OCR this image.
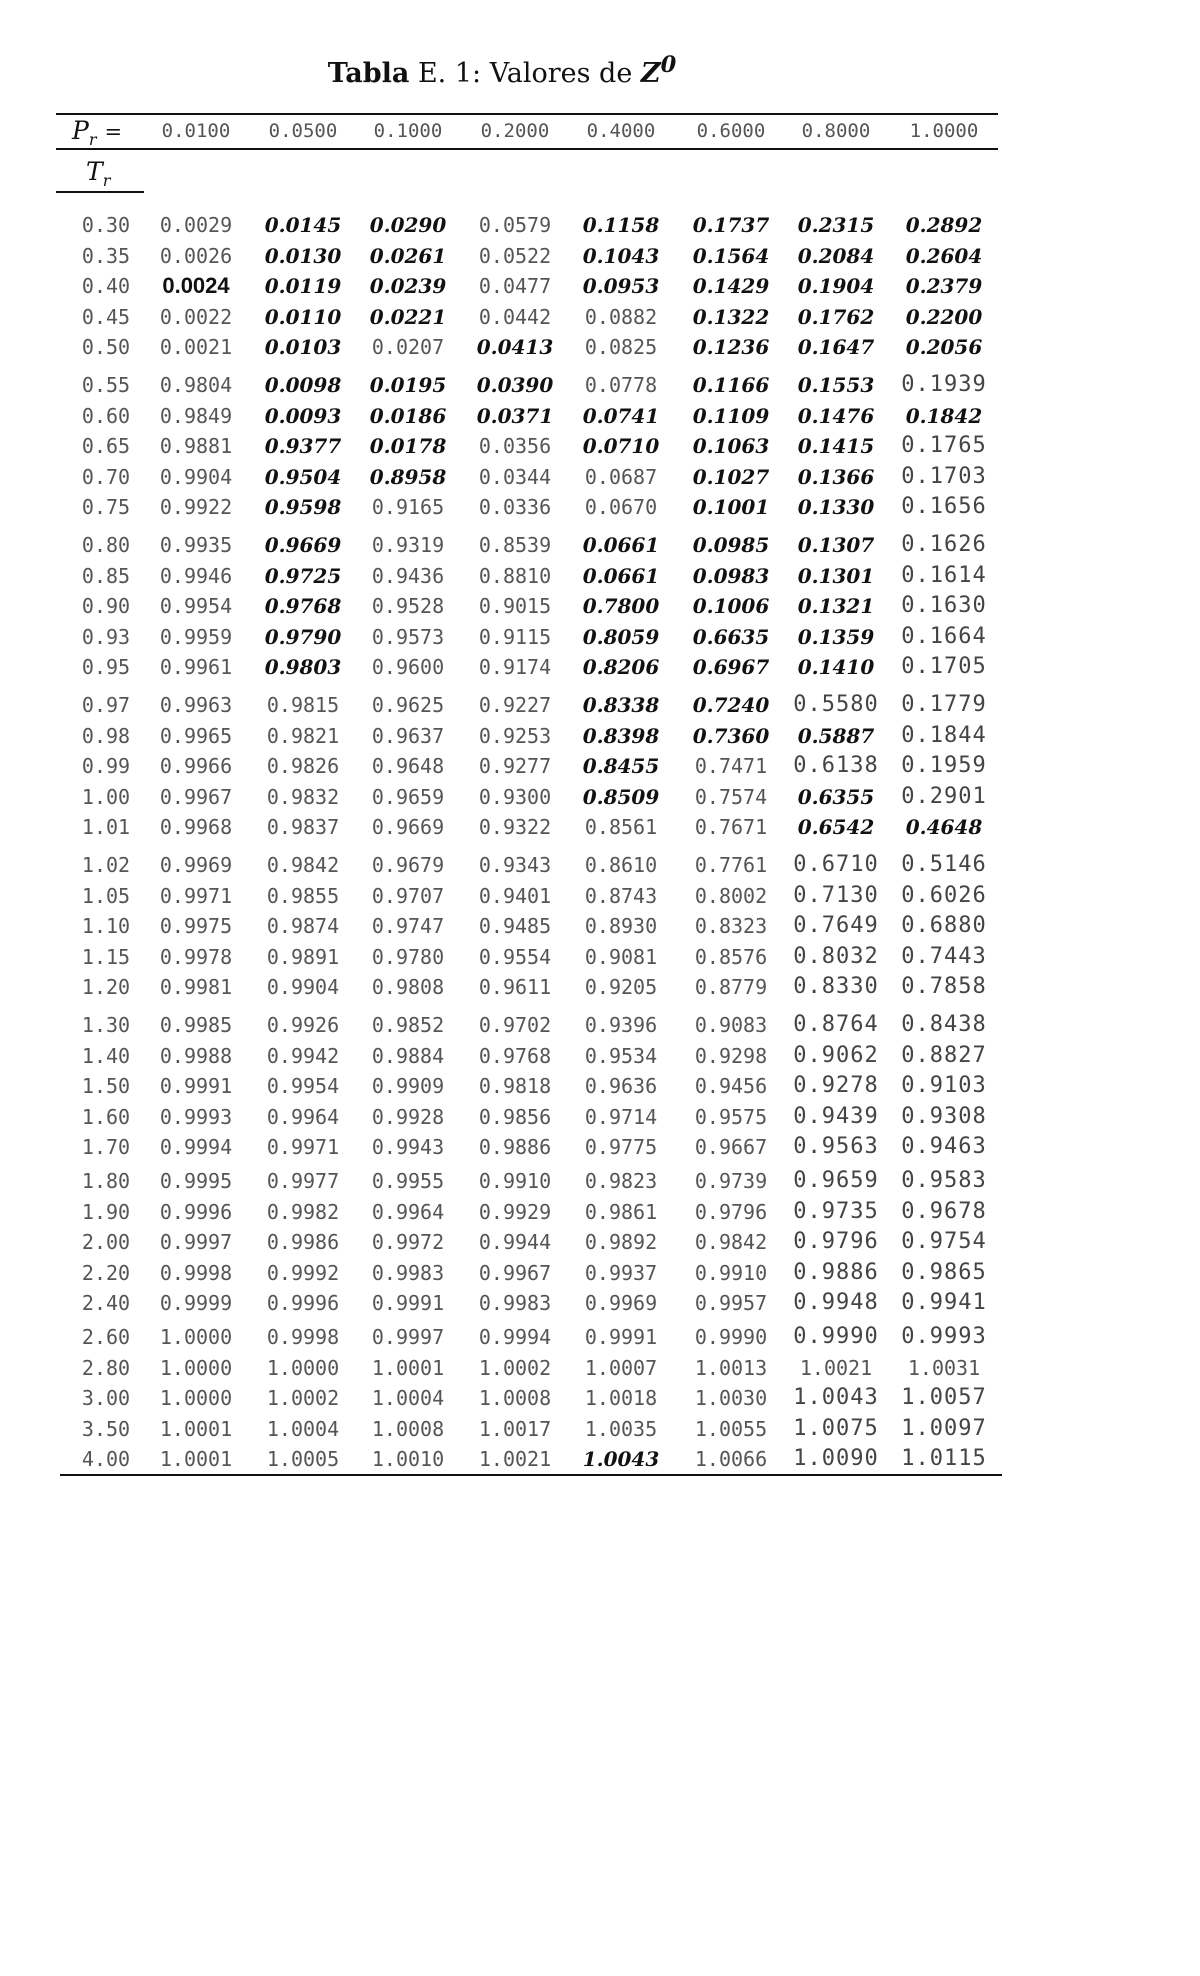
Tabla E. 1: Valores de $Z^0$
$P_r$ =
$T_r$
0.0100	0.0500	0.1000	0.2000	0.4000	0.6000	0.8000	1.0000
0.30	0.0029	0.0145	0.0290	0.0579	0.1158	0.1737	0.2315	0.2892
0.35	0.0026	0.0130	0.0261	0.0522	0.1043	0.1564	0.2084	0.2604
0.40	0.0024	0.0119	0.0239	0.0477	0.0953	0.1429	0.1904	0.2379
0.45	0.0022	0.0110	0.0221	0.0442	0.0882	0.1322	0.1762	0.2200
0.50	0.0021	0.0103	0.0207	0.0413	0.0825	0.1236	0.1647	0.2056
0.55	0.9804	0.0098	0.0195	0.0390	0.0778	0.1166	0.1553	0.1939
0.60	0.9849	0.0093	0.0186	0.0371	0.0741	0.1109	0.1476	0.1842
0.65	0.9881	0.9377	0.0178	0.0356	0.0710	0.1063	0.1415	0.1765
0.70	0.9904	0.9504	0.8958	0.0344	0.0687	0.1027	0.1366	0.1703
0.75	0.9922	0.9598	0.9165	0.0336	0.0670	0.1001	0.1330	0.1656
0.80	0.9935	0.9669	0.9319	0.8539	0.0661	0.0985	0.1307	0.1626
0.85	0.9946	0.9725	0.9436	0.8810	0.0661	0.0983	0.1301	0.1614
0.90	0.9954	0.9768	0.9528	0.9015	0.7800	0.1006	0.1321	0.1630
0.93	0.9959	0.9790	0.9573	0.9115	0.8059	0.6635	0.1359	0.1664
0.95	0.9961	0.9803	0.9600	0.9174	0.8206	0.6967	0.1410	0.1705
0.97	0.9963	0.9815	0.9625	0.9227	0.8338	0.7240	0.5580	0.1779
0.98	0.9965	0.9821	0.9637	0.9253	0.8398	0.7360	0.5887	0.1844
0.99	0.9966	0.9826	0.9648	0.9277	0.8455	0.7471	0.6138	0.1959
1.00	0.9967	0.9832	0.9659	0.9300	0.8509	0.7574	0.6355	0.2901
1.01	0.9968	0.9837	0.9669	0.9322	0.8561	0.7671	0.6542	0.4648
1.02	0.9969	0.9842	0.9679	0.9343	0.8610	0.7761	0.6710	0.5146
1.05	0.9971	0.9855	0.9707	0.9401	0.8743	0.8002	0.7130	0.6026
1.10	0.9975	0.9874	0.9747	0.9485	0.8930	0.8323	0.7649	0.6880
1.15	0.9978	0.9891	0.9780	0.9554	0.9081	0.8576	0.8032	0.7443
1.20	0.9981	0.9904	0.9808	0.9611	0.9205	0.8779	0.8330	0.7858
1.30	0.9985	0.9926	0.9852	0.9702	0.9396	0.9083	0.8764	0.8438
1.40	0.9988	0.9942	0.9884	0.9768	0.9534	0.9298	0.9062	0.8827
1.50	0.9991	0.9954	0.9909	0.9818	0.9636	0.9456	0.9278	0.9103
1.60	0.9993	0.9964	0.9928	0.9856	0.9714	0.9575	0.9439	0.9308
1.70	0.9994	0.9971	0.9943	0.9886	0.9775	0.9667	0.9563	0.9463
1.80	0.9995	0.9977	0.9955	0.9910	0.9823	0.9739	0.9659	0.9583
1.90	0.9996	0.9982	0.9964	0.9929	0.9861	0.9796	0.9735	0.9678
2.00	0.9997	0.9986	0.9972	0.9944	0.9892	0.9842	0.9796	0.9754
2.20	0.9998	0.9992	0.9983	0.9967	0.9937	0.9910	0.9886	0.9865
2.40	0.9999	0.9996	0.9991	0.9983	0.9969	0.9957	0.9948	0.9941
2.60	1.0000	0.9998	0.9997	0.9994	0.9991	0.9990	0.9990	0.9993
2.80	1.0000	1.0000	1.0001	1.0002	1.0007	1.0013	1.0021	1.0031
3.00	1.0000	1.0002	1.0004	1.0008	1.0018	1.0030	1.0043	1.0057
3.50	1.0001	1.0004	1.0008	1.0017	1.0035	1.0055	1.0075	1.0097
4.00	1.0001	1.0005	1.0010	1.0021	1.0043	1.0066	1.0090	1.0115
